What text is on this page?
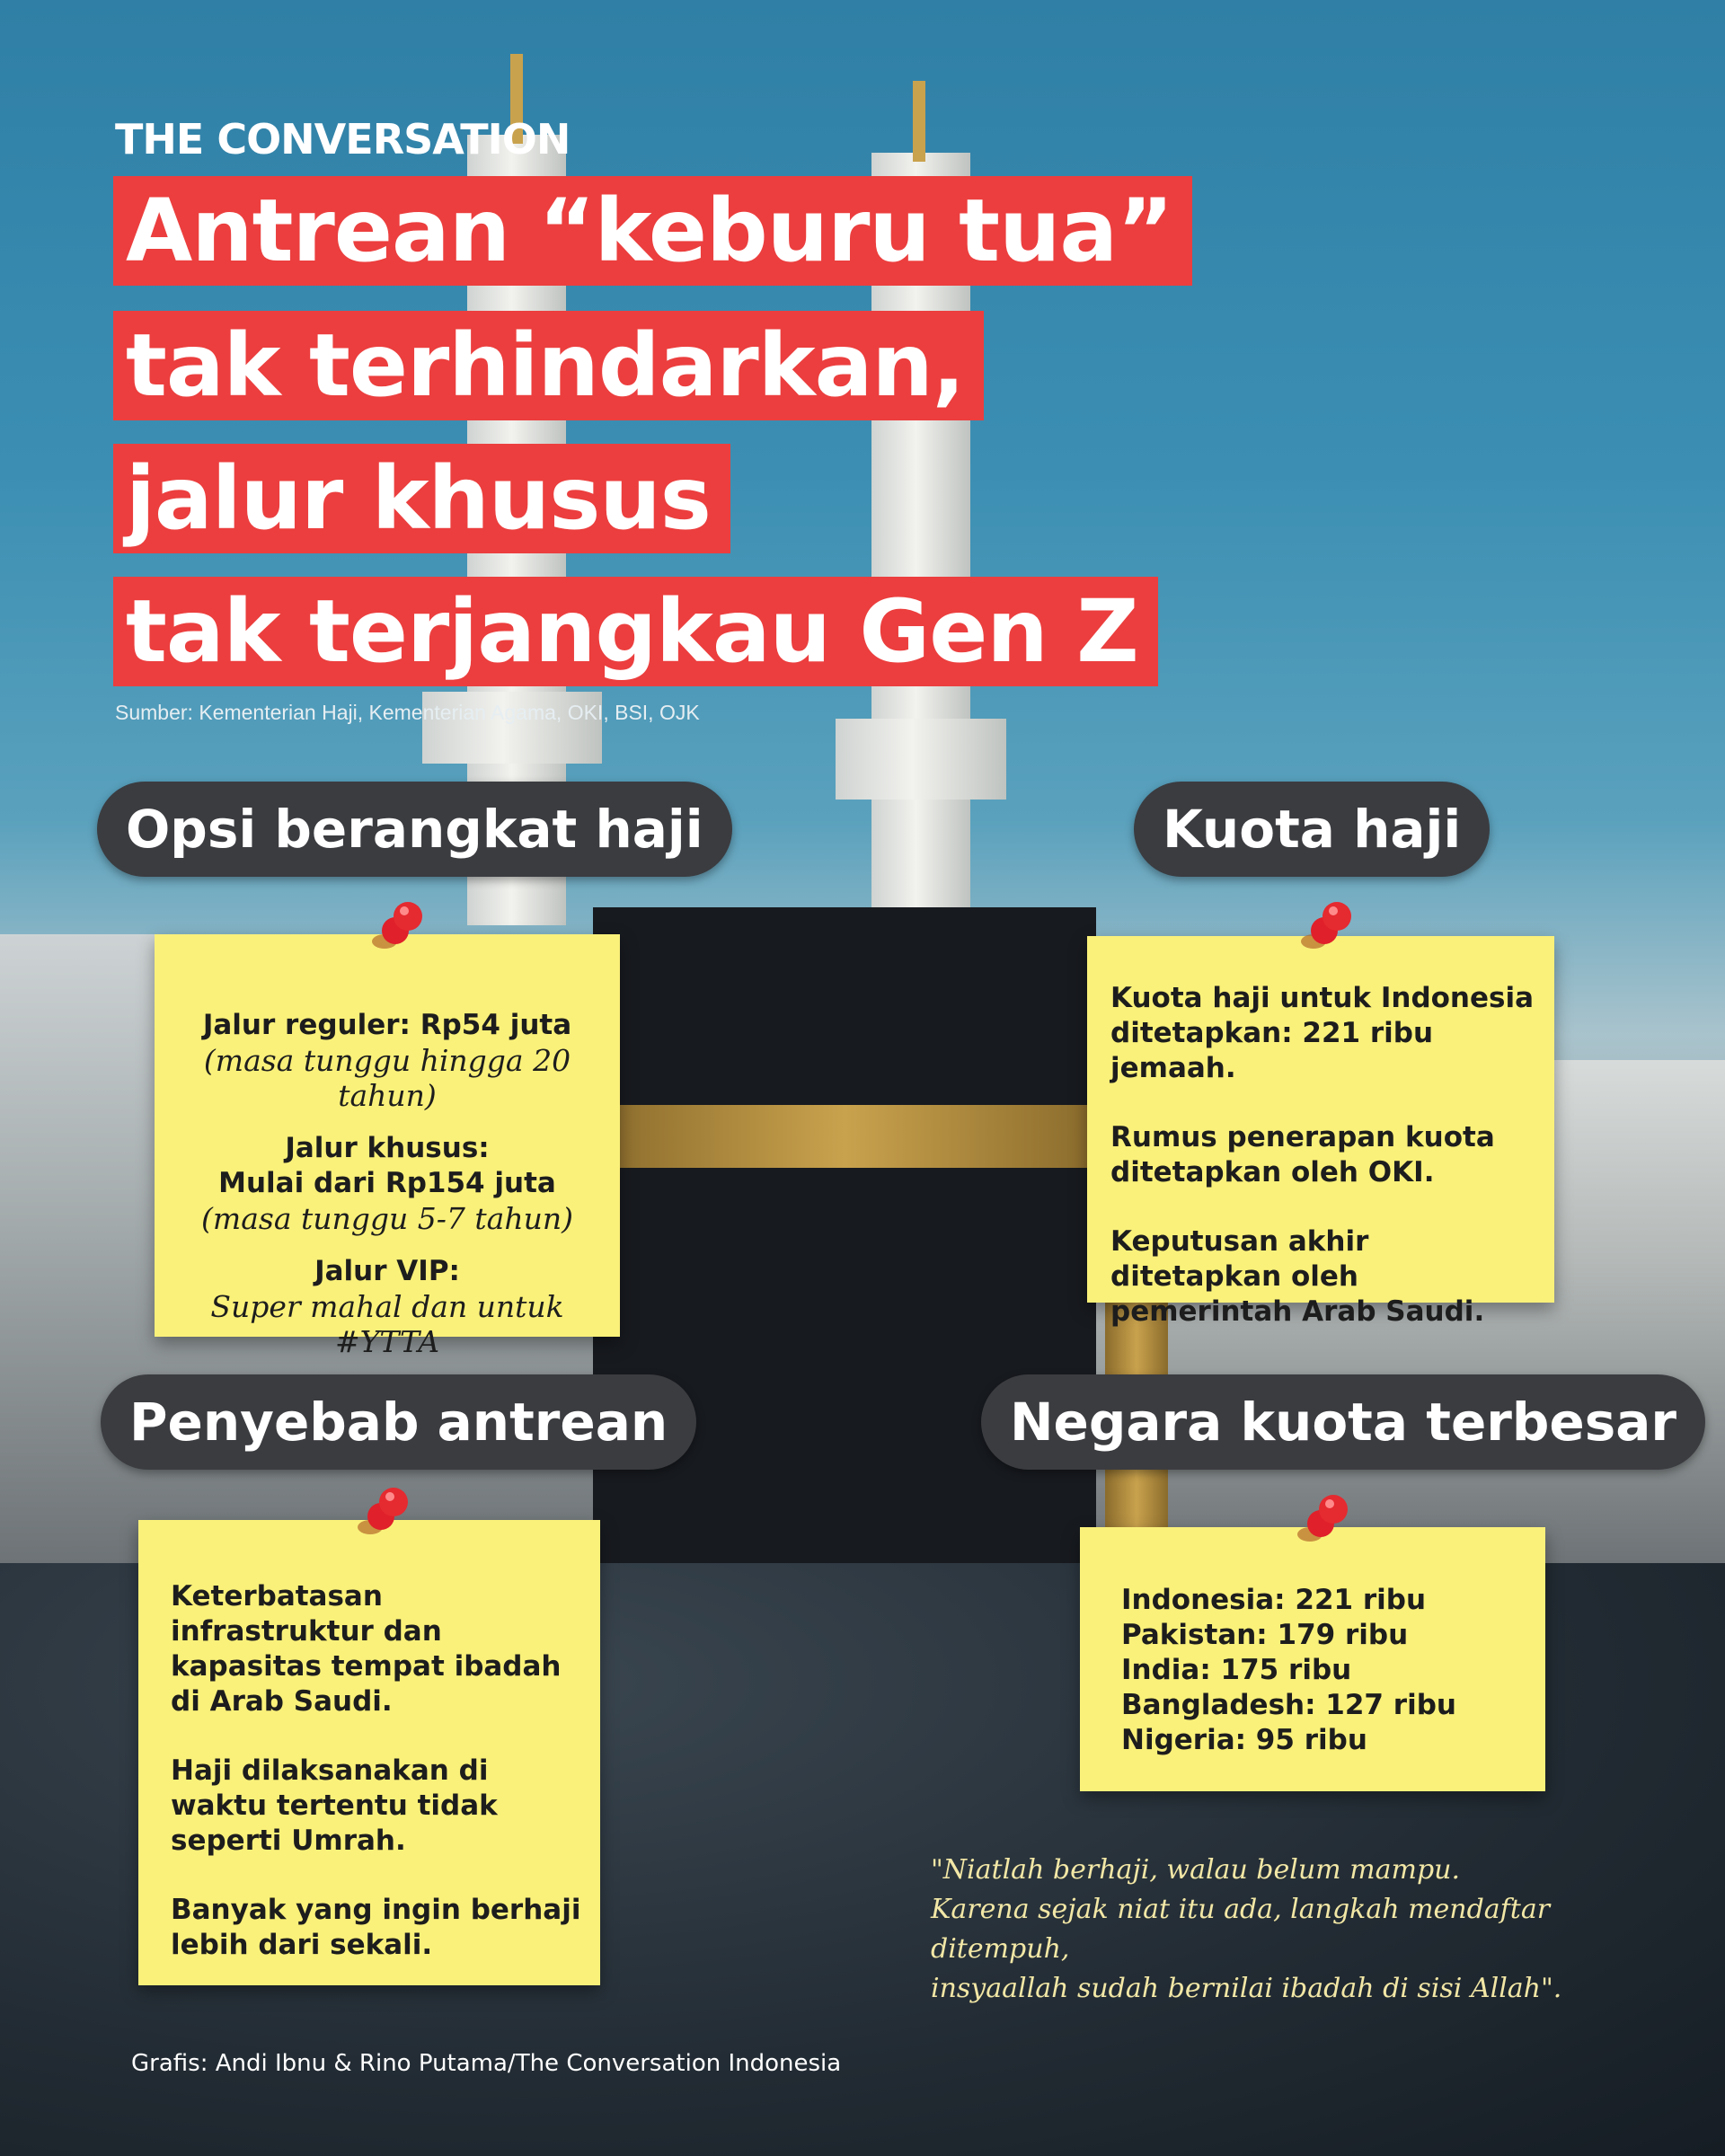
THE CONVERSATION
Antrean “keburu tua”
tak terhindarkan,
jalur khusus
tak terjangkau Gen Z
Sumber: Kementerian Haji, Kementerian Agama, OKI, BSI, OJK
Opsi berangkat haji
Jalur reguler: Rp54 juta
(masa tunggu hingga 20 tahun)
Jalur khusus:
Mulai dari Rp154 juta
(masa tunggu 5-7 tahun)
Jalur VIP:
Super mahal dan untuk #YTTA
Kuota haji

Kuota haji untuk Indonesia ditetapkan: 221 ribu jemaah.

Rumus penerapan kuota ditetapkan oleh OKI.

Keputusan akhir ditetapkan oleh pemerintah Arab Saudi.

Penyebab antrean

Keterbatasan infrastruktur dan kapasitas tempat ibadah di Arab Saudi.

Haji dilaksanakan di waktu tertentu tidak seperti Umrah.

Banyak yang ingin berhaji lebih dari sekali.

Negara kuota terbesar
Indonesia: 221 ribu
Pakistan: 179 ribu
India: 175 ribu
Bangladesh: 127 ribu
Nigeria: 95 ribu
"Niatlah berhaji, walau belum mampu.
Karena sejak niat itu ada, langkah mendaftar ditempuh,
insyaallah sudah bernilai ibadah di sisi Allah".
Grafis: Andi Ibnu & Rino Putama/The Conversation Indonesia
